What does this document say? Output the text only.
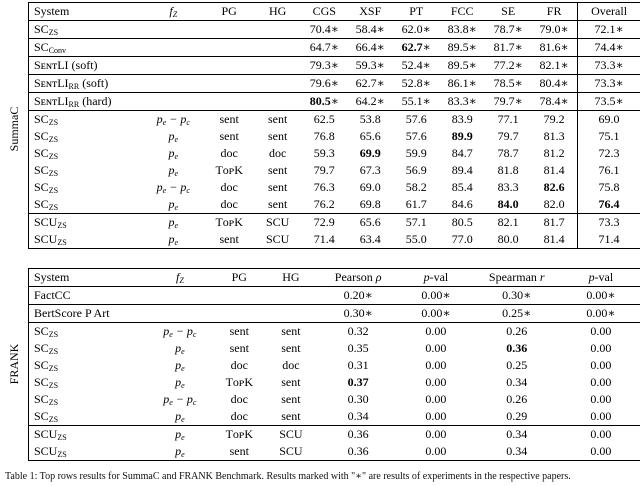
SummaC
System	$f_Z$	PG	HG	CGS	XSF	PT	FCC	SE	FR	Overall
$SC_{ZS}$				70.4∗	58.4∗	62.0∗	83.8∗	78.7∗	79.0∗	72.1∗
$SC_{Conv}$				64.7∗	66.4∗	62.7∗	89.5∗	81.7∗	81.6∗	74.4∗
SᴇɴᴛLI (soft)				79.3∗	59.3∗	52.4∗	89.5∗	77.2∗	82.1∗	73.3∗
SᴇɴᴛLI$_{RR}$ (soft)				79.6∗	62.7∗	52.8∗	86.1∗	78.5∗	80.4∗	73.3∗
SᴇɴᴛLI$_{RR}$ (hard)				80.5∗	64.2∗	55.1∗	83.3∗	79.7∗	78.4∗	73.5∗
$SC_{ZS}$	$p_e - p_c$	sent	sent	62.5	53.8	57.6	83.9	77.1	79.2	69.0
$SC_{ZS}$	$p_e$	sent	sent	76.8	65.6	57.6	89.9	79.7	81.3	75.1
$SC_{ZS}$	$p_e$	doc	doc	59.3	69.9	59.9	84.7	78.7	81.2	72.3
$SC_{ZS}$	$p_e$	TᴏᴘK	sent	79.7	67.3	56.9	89.4	81.8	81.4	76.1
$SC_{ZS}$	$p_e - p_c$	doc	sent	76.3	69.0	58.2	85.4	83.3	82.6	75.8
$SC_{ZS}$	$p_e$	doc	sent	76.2	69.8	61.7	84.6	84.0	82.0	76.4
$SCU_{ZS}$	$p_e$	TᴏᴘK	SCU	72.9	65.6	57.1	80.5	82.1	81.7	73.3
$SCU_{ZS}$	$p_e$	sent	SCU	71.4	63.4	55.0	77.0	80.0	81.4	71.4
FRANK
System	$f_Z$	PG	HG	Pearson ρ	p-val	Spearman r	p-val
FactCC				0.20∗	0.00∗	0.30∗	0.00∗
BertScore P Art				0.30∗	0.00∗	0.25∗	0.00∗
$SC_{ZS}$	$p_e - p_c$	sent	sent	0.32	0.00	0.26	0.00
$SC_{ZS}$	$p_e$	sent	sent	0.35	0.00	0.36	0.00
$SC_{ZS}$	$p_e$	doc	doc	0.31	0.00	0.25	0.00
$SC_{ZS}$	$p_e$	TᴏᴘK	sent	0.37	0.00	0.34	0.00
$SC_{ZS}$	$p_e - p_c$	doc	sent	0.30	0.00	0.26	0.00
$SC_{ZS}$	$p_e$	doc	sent	0.34	0.00	0.29	0.00
$SCU_{ZS}$	$p_e$	TᴏᴘK	SCU	0.36	0.00	0.34	0.00
$SCU_{ZS}$	$p_e$	sent	SCU	0.36	0.00	0.34	0.00
Table 1: Top rows results for SummaC and FRANK Benchmark. Results marked with "∗" are results of experiments in the respective papers.
